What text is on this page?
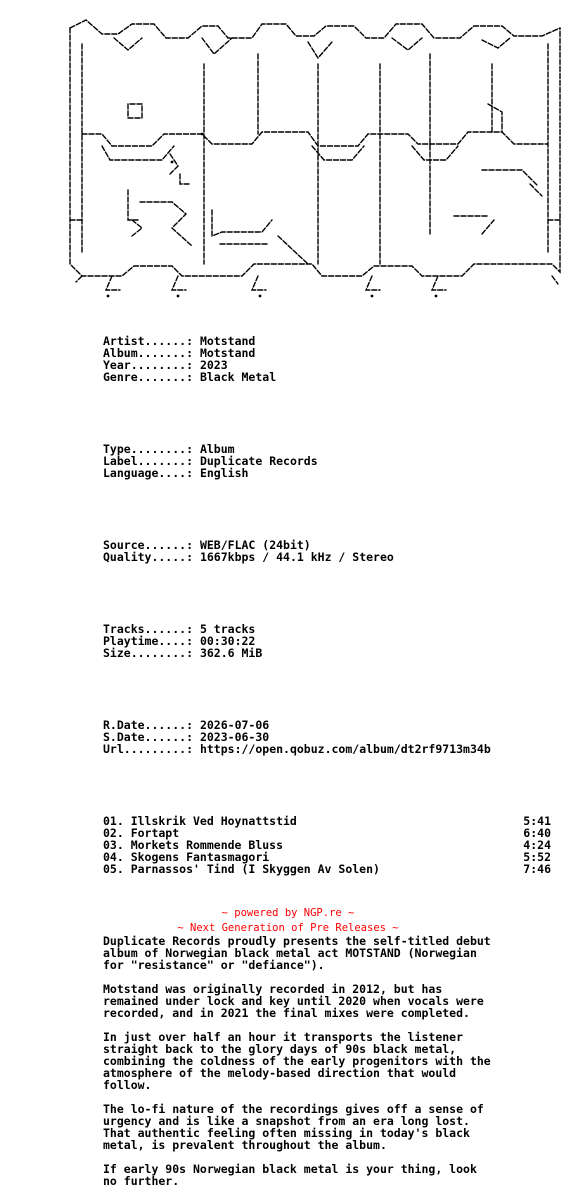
Artist......: Motstand
Album.......: Motstand
Year........: 2023
Genre.......: Black Metal

Type........: Album
Label.......: Duplicate Records
Language....: English

Source......: WEB/FLAC (24bit)
Quality.....: 1667kbps / 44.1 kHz / Stereo

Tracks......: 5 tracks
Playtime....: 00:30:22
Size........: 362.6 MiB

R.Date......: 2026-07-06
S.Date......: 2023-06-30
Url.........: https://open.qobuz.com/album/dt2rf9713m34b

01. Illskrik Ved Hoynattstid	5:41
02. Fortapt	6:40
03. Morkets Rommende Bluss	4:24
04. Skogens Fantasmagori	5:52
05. Parnassos' Tind (I Skyggen Av Solen)	7:46

Duplicate Records proudly presents the self-titled debut
album of Norwegian black metal act MOTSTAND (Norwegian
for "resistance" or "defiance").
Motstand was originally recorded in 2012, but has
remained under lock and key until 2020 when vocals were
recorded, and in 2021 the final mixes were completed.
In just over half an hour it transports the listener
straight back to the glory days of 90s black metal,
combining the coldness of the early progenitors with the
atmosphere of the melody-based direction that would
follow.
The lo-fi nature of the recordings gives off a sense of
urgency and is like a snapshot from an era long lost.
That authentic feeling often missing in today's black
metal, is prevalent throughout the album.
If early 90s Norwegian black metal is your thing, look
no further.

~ powered by NGP.re ~
~ Next Generation of Pre Releases ~
